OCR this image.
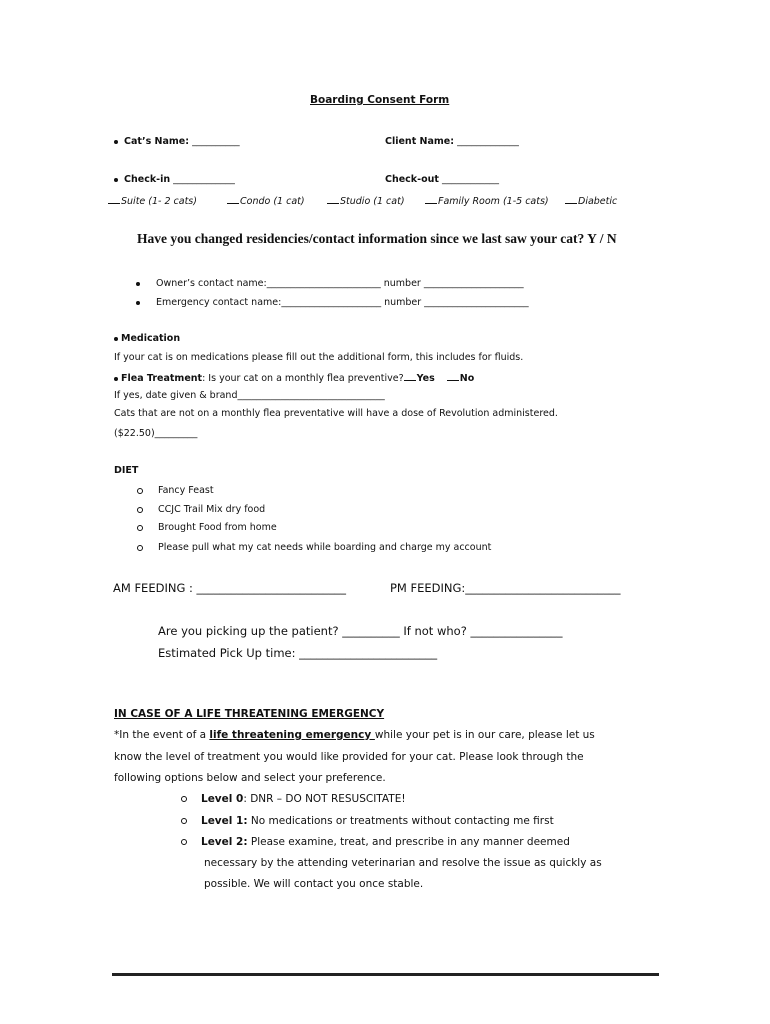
Boarding Consent Form
Cat’s Name: __________	Client Name: _____________
Check-in _____________	Check-out ____________
Suite (1- 2 cats)	Condo (1 cat)	Studio (1 cat)	Family Room (1-5 cats)	Diabetic
Have you changed residencies/contact information since we last saw your cat? Y / N
Owner’s contact name:________________________ number _____________________
Emergency contact name:_____________________ number ______________________
Medication
If your cat is on medications please fill out the additional form, this includes for fluids.
Flea Treatment: Is your cat on a monthly flea preventive? Yes	No
If yes, date given & brand_______________________________
Cats that are not on a monthly flea preventative will have a dose of Revolution administered.
($22.50)_________
DIET
Fancy Feast
CCJC Trail Mix dry food
Brought Food from home
Please pull what my cat needs while boarding and charge my account
AM FEEDING : __________________________	PM FEEDING:___________________________
Are you picking up the patient? __________ If not who? ________________
Estimated Pick Up time: ________________________
IN CASE OF A LIFE THREATENING EMERGENCY
*In the event of a life threatening emergency while your pet is in our care, please let us
know the level of treatment you would like provided for your cat. Please look through the
following options below and select your preference.
Level 0: DNR – DO NOT RESUSCITATE!
Level 1: No medications or treatments without contacting me first
Level 2: Please examine, treat, and prescribe in any manner deemed
necessary by the attending veterinarian and resolve the issue as quickly as
possible. We will contact you once stable.
